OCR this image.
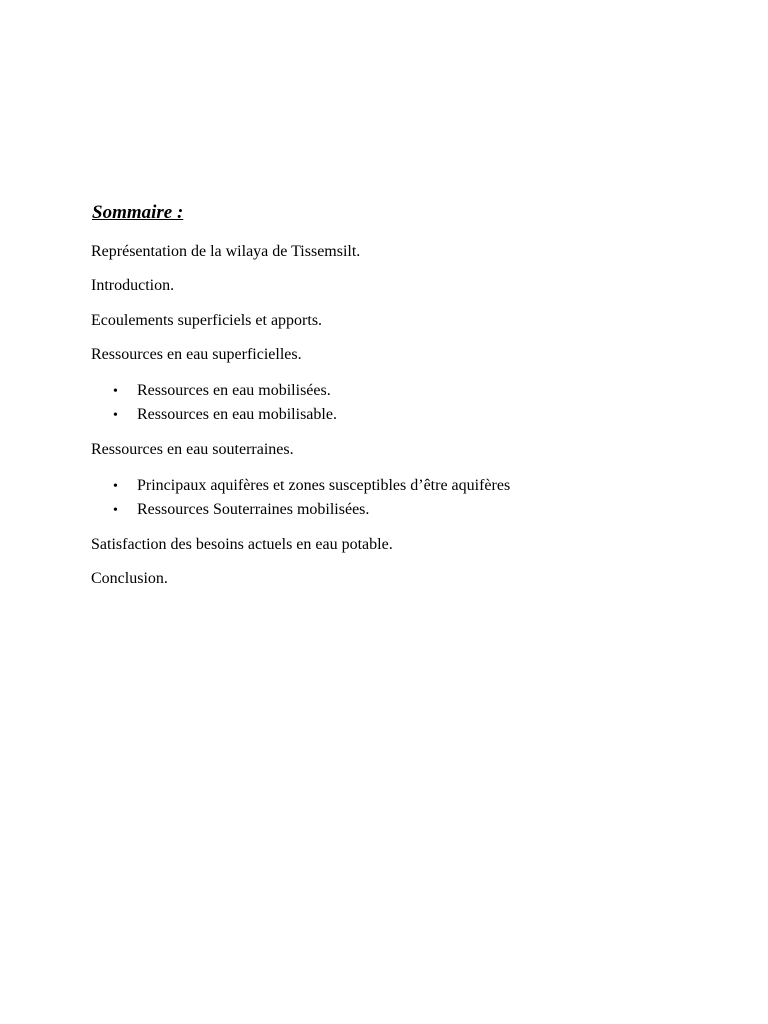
Sommaire :

Représentation de la wilaya de Tissemsilt.

Introduction.

Ecoulements superficiels et apports.

Ressources en eau superficielles.

• Ressources en eau mobilisées.
• Ressources en eau mobilisable.

Ressources en eau souterraines.

• Principaux aquifères et zones susceptibles d’être aquifères
• Ressources Souterraines mobilisées.

Satisfaction des besoins actuels en eau potable.

Conclusion.
